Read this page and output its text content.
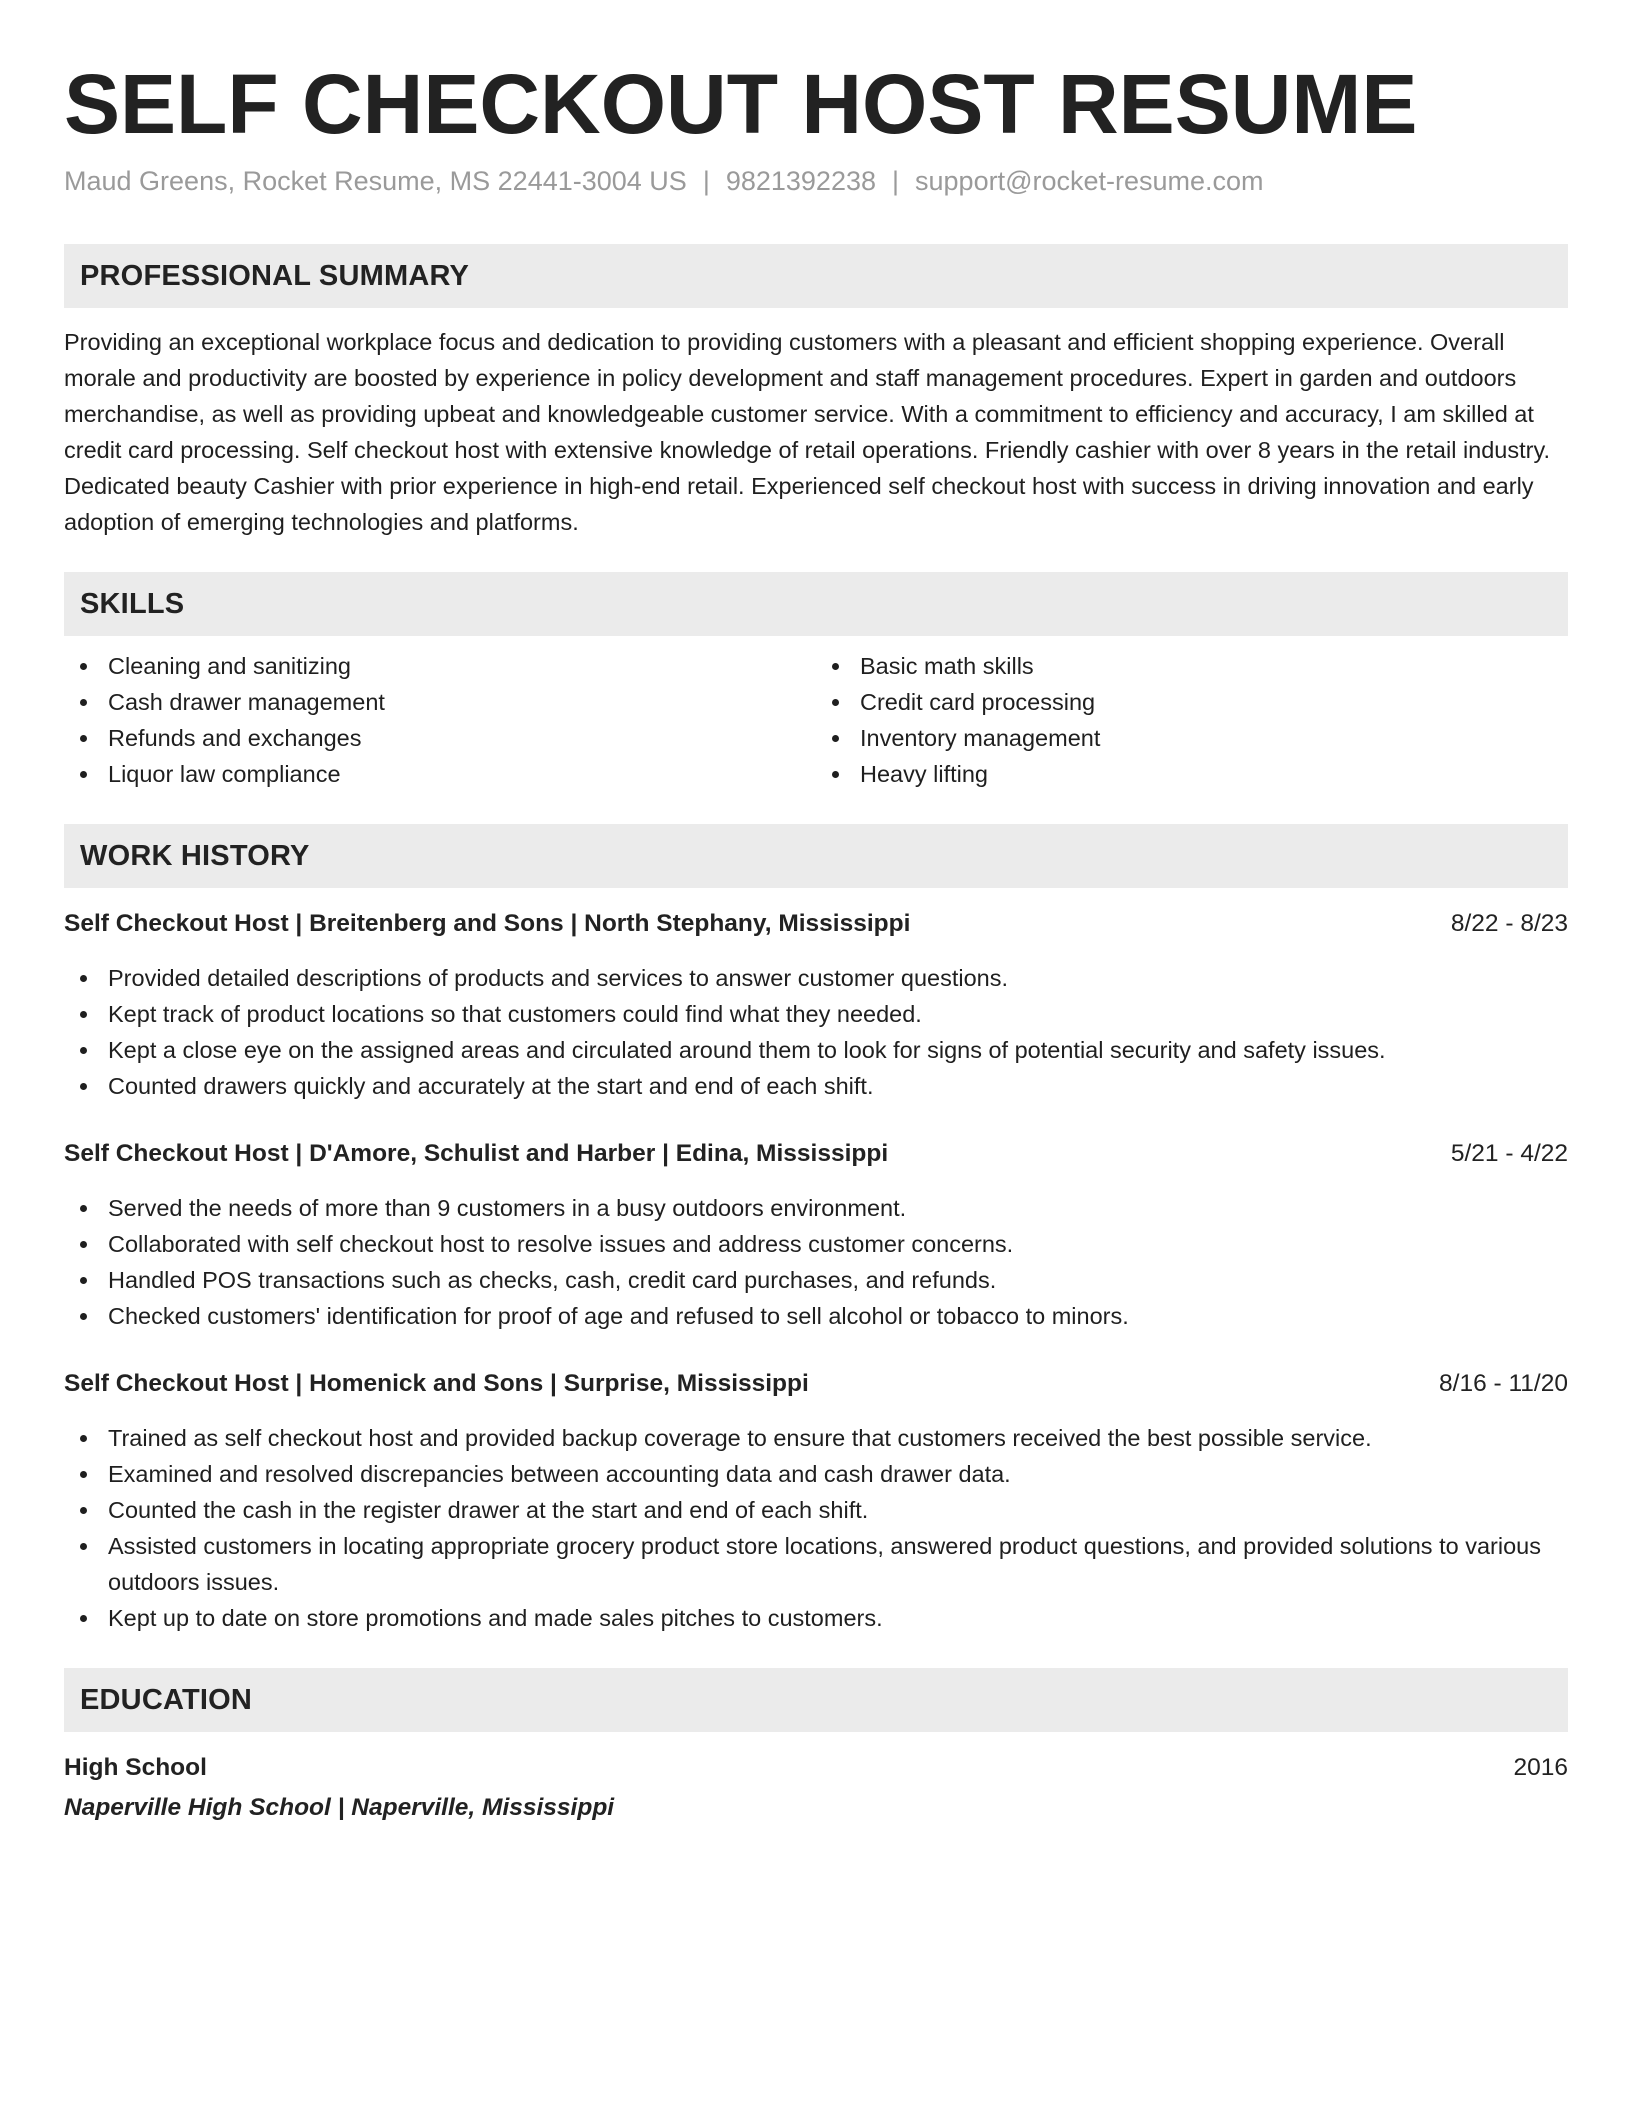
SELF CHECKOUT HOST RESUME
Maud Greens, Rocket Resume, MS 22441-3004 US | 9821392238 | support@rocket-resume.com
PROFESSIONAL SUMMARY

Providing an exceptional workplace focus and dedication to providing customers with a pleasant and efficient shopping experience. Overall morale and productivity are boosted by experience in policy development and staff management procedures. Expert in garden and outdoors merchandise, as well as providing upbeat and knowledgeable customer service. With a commitment to efficiency and accuracy, I am skilled at credit card processing. Self checkout host with extensive knowledge of retail operations. Friendly cashier with over 8 years in the retail industry. Dedicated beauty Cashier with prior experience in high-end retail. Experienced self checkout host with success in driving innovation and early adoption of emerging technologies and platforms.

SKILLS
Cleaning and sanitizing
Cash drawer management
Refunds and exchanges
Liquor law compliance
Basic math skills
Credit card processing
Inventory management
Heavy lifting
WORK HISTORY
Self Checkout Host | Breitenberg and Sons | North Stephany, Mississippi	8/22 - 8/23
Provided detailed descriptions of products and services to answer customer questions.
Kept track of product locations so that customers could find what they needed.
Kept a close eye on the assigned areas and circulated around them to look for signs of potential security and safety issues.
Counted drawers quickly and accurately at the start and end of each shift.
Self Checkout Host | D'Amore, Schulist and Harber | Edina, Mississippi	5/21 - 4/22
Served the needs of more than 9 customers in a busy outdoors environment.
Collaborated with self checkout host to resolve issues and address customer concerns.
Handled POS transactions such as checks, cash, credit card purchases, and refunds.
Checked customers' identification for proof of age and refused to sell alcohol or tobacco to minors.
Self Checkout Host | Homenick and Sons | Surprise, Mississippi	8/16 - 11/20
Trained as self checkout host and provided backup coverage to ensure that customers received the best possible service.
Examined and resolved discrepancies between accounting data and cash drawer data.
Counted the cash in the register drawer at the start and end of each shift.
Assisted customers in locating appropriate grocery product store locations, answered product questions, and provided solutions to various outdoors issues.
Kept up to date on store promotions and made sales pitches to customers.
EDUCATION
High School	2016
Naperville High School | Naperville, Mississippi
